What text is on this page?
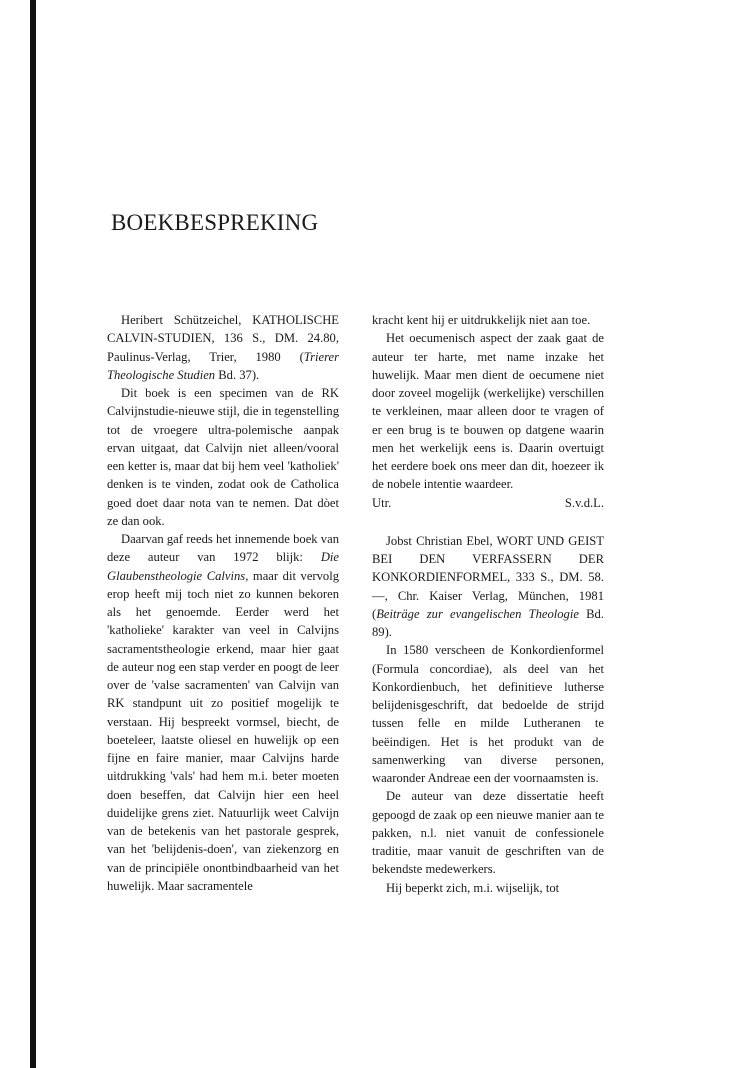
BOEKBESPREKING

Heribert Schützeichel, KATHOLISCHE CALVIN-STUDIEN, 136 S., DM. 24.80, Paulinus-Verlag, Trier, 1980 (Trierer Theologische Studien Bd. 37).

Dit boek is een specimen van de RK Calvijnstudie-nieuwe stijl, die in tegenstelling tot de vroegere ultra-polemische aanpak ervan uitgaat, dat Calvijn niet alleen/vooral een ketter is, maar dat bij hem veel 'katholiek' denken is te vinden, zodat ook de Catholica goed doet daar nota van te nemen. Dat dòet ze dan ook.

Daarvan gaf reeds het innemende boek van deze auteur van 1972 blijk: Die Glaubenstheologie Calvins, maar dit vervolg erop heeft mij toch niet zo kunnen bekoren als het genoemde. Eerder werd het 'katholieke' karakter van veel in Calvijns sacramentstheologie erkend, maar hier gaat de auteur nog een stap verder en poogt de leer over de 'valse sacramenten' van Calvijn van RK standpunt uit zo positief mogelijk te verstaan. Hij bespreekt vormsel, biecht, de boeteleer, laatste oliesel en huwelijk op een fijne en faire manier, maar Calvijns harde uitdrukking 'vals' had hem m.i. beter moeten doen beseffen, dat Calvijn hier een heel duidelijke grens ziet. Natuurlijk weet Calvijn van de betekenis van het pastorale gesprek, van het 'belijdenis-doen', van ziekenzorg en van de principiële onontbindbaarheid van het huwelijk. Maar sacramentele

kracht kent hij er uitdrukkelijk niet aan toe.

Het oecumenisch aspect der zaak gaat de auteur ter harte, met name inzake het huwelijk. Maar men dient de oecumene niet door zoveel mogelijk (werkelijke) verschillen te verkleinen, maar alleen door te vragen of er een brug is te bouwen op datgene waarin men het werkelijk eens is. Daarin overtuigt het eerdere boek ons meer dan dit, hoezeer ik de nobele intentie waardeer.

Utr.	S.v.d.L.

Jobst Christian Ebel, WORT UND GEIST BEI DEN VERFASSERN DER KONKORDIENFORMEL, 333 S., DM. 58.—, Chr. Kaiser Verlag, München, 1981 (Beiträge zur evangelischen Theologie Bd. 89).

In 1580 verscheen de Konkordienformel (Formula concordiae), als deel van het Konkordienbuch, het definitieve lutherse belijdenisgeschrift, dat bedoelde de strijd tussen felle en milde Lutheranen te beëindigen. Het is het produkt van de samenwerking van diverse personen, waaronder Andreae een der voornaamsten is.

De auteur van deze dissertatie heeft gepoogd de zaak op een nieuwe manier aan te pakken, n.l. niet vanuit de confessionele traditie, maar vanuit de geschriften van de bekendste medewerkers.

Hij beperkt zich, m.i. wijselijk, tot
